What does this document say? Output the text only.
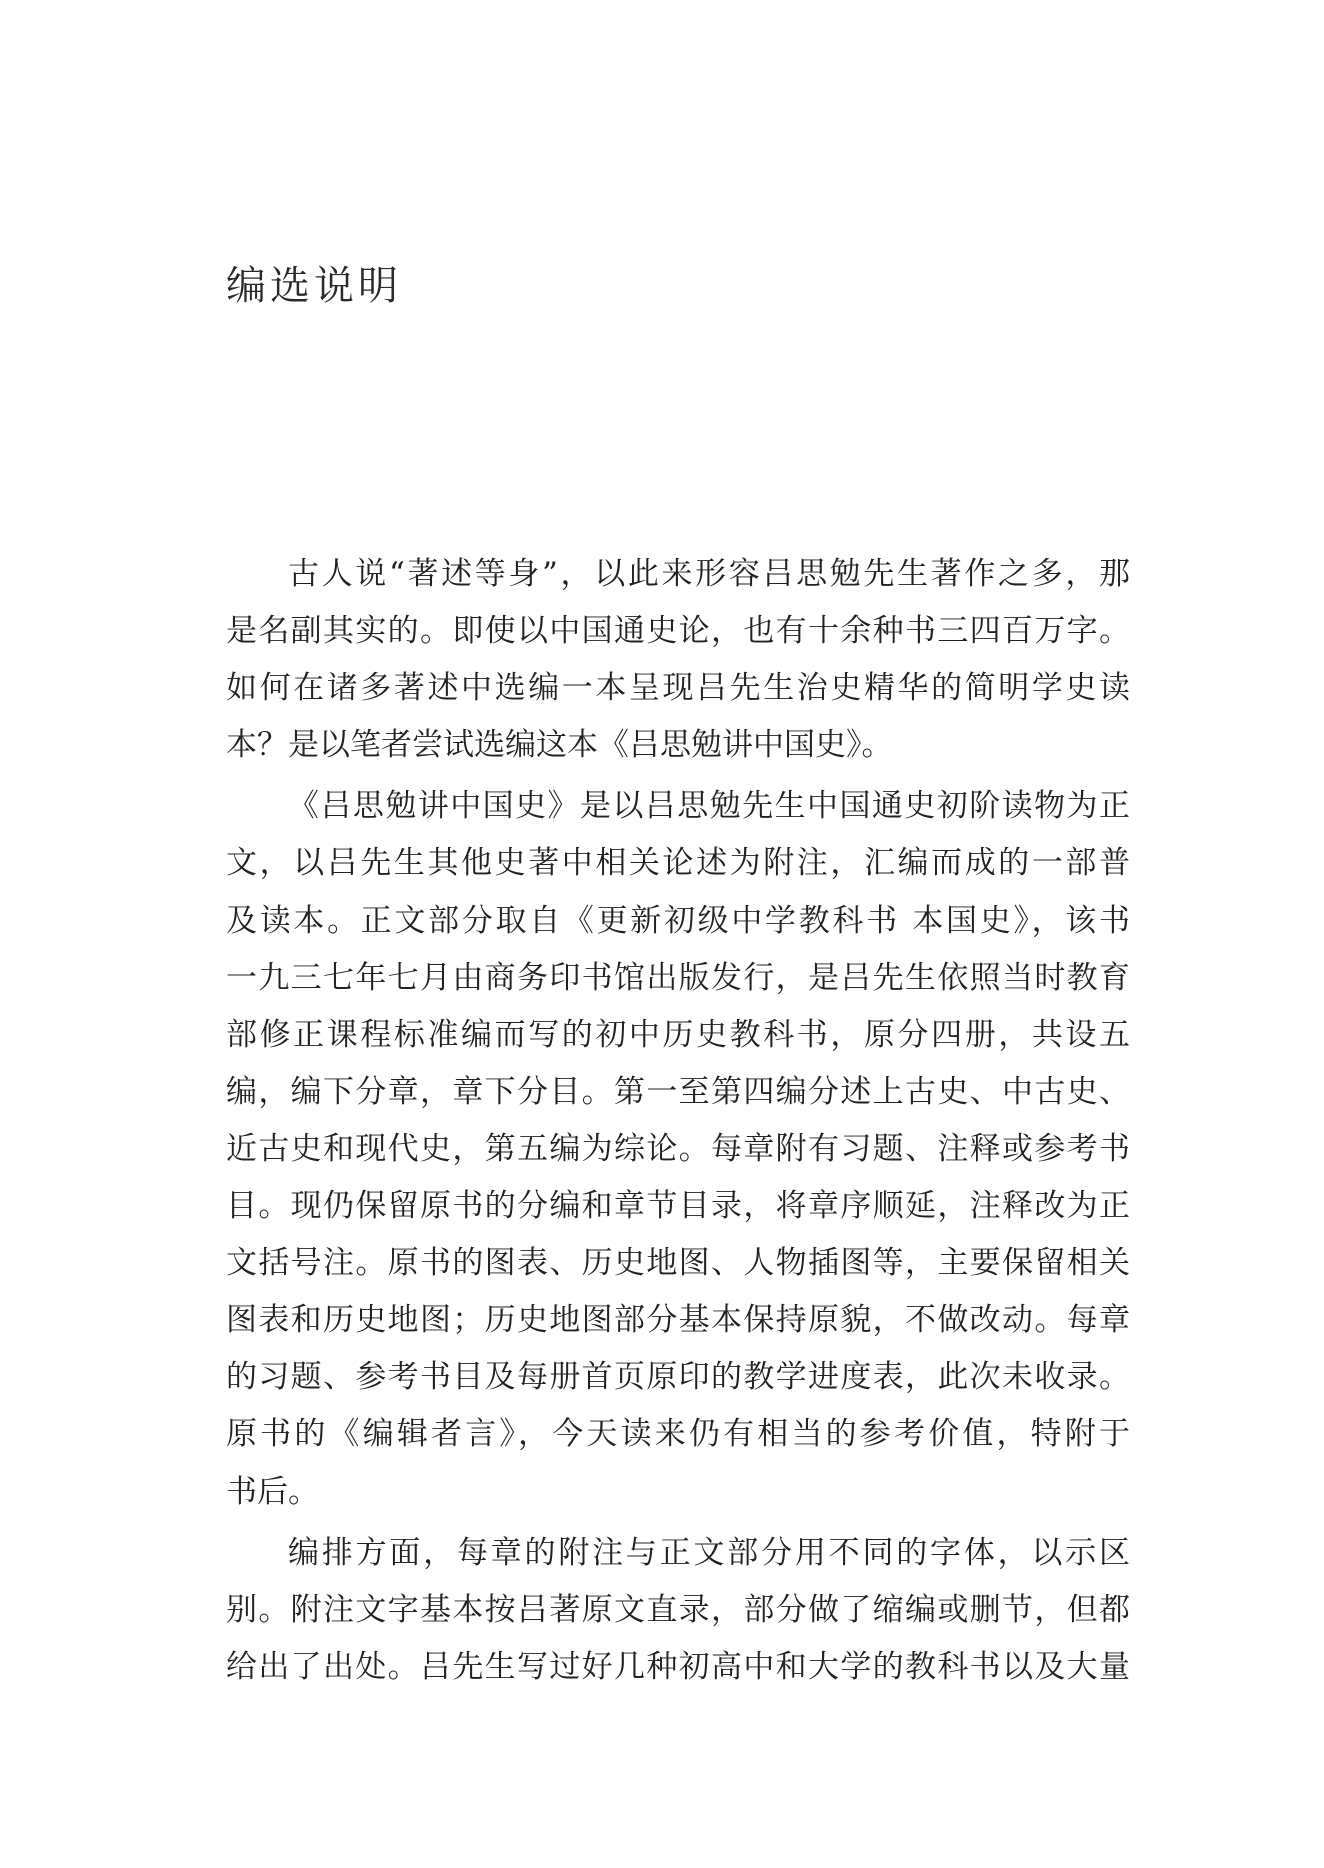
编选说明
古人说“著述等身”，以此来形容吕思勉先生著作之多，那
是名副其实的。即使以中国通史论，也有十余种书三四百万字。
如何在诸多著述中选编一本呈现吕先生治史精华的简明学史读
本？是以笔者尝试选编这本《吕思勉讲中国史》。
《吕思勉讲中国史》是以吕思勉先生中国通史初阶读物为正
文，以吕先生其他史著中相关论述为附注，汇编而成的一部普
及读本。正文部分取自《更新初级中学教科书 本国史》，该书
一九三七年七月由商务印书馆出版发行，是吕先生依照当时教育
部修正课程标准编而写的初中历史教科书，原分四册，共设五
编，编下分章，章下分目。第一至第四编分述上古史、中古史、
近古史和现代史，第五编为综论。每章附有习题、注释或参考书
目。现仍保留原书的分编和章节目录，将章序顺延，注释改为正
文括号注。原书的图表、历史地图、人物插图等，主要保留相关
图表和历史地图；历史地图部分基本保持原貌，不做改动。每章
的习题、参考书目及每册首页原印的教学进度表，此次未收录。
原书的《编辑者言》，今天读来仍有相当的参考价值，特附于
书后。
编排方面，每章的附注与正文部分用不同的字体，以示区
别。附注文字基本按吕著原文直录，部分做了缩编或删节，但都
给出了出处。吕先生写过好几种初高中和大学的教科书以及大量
